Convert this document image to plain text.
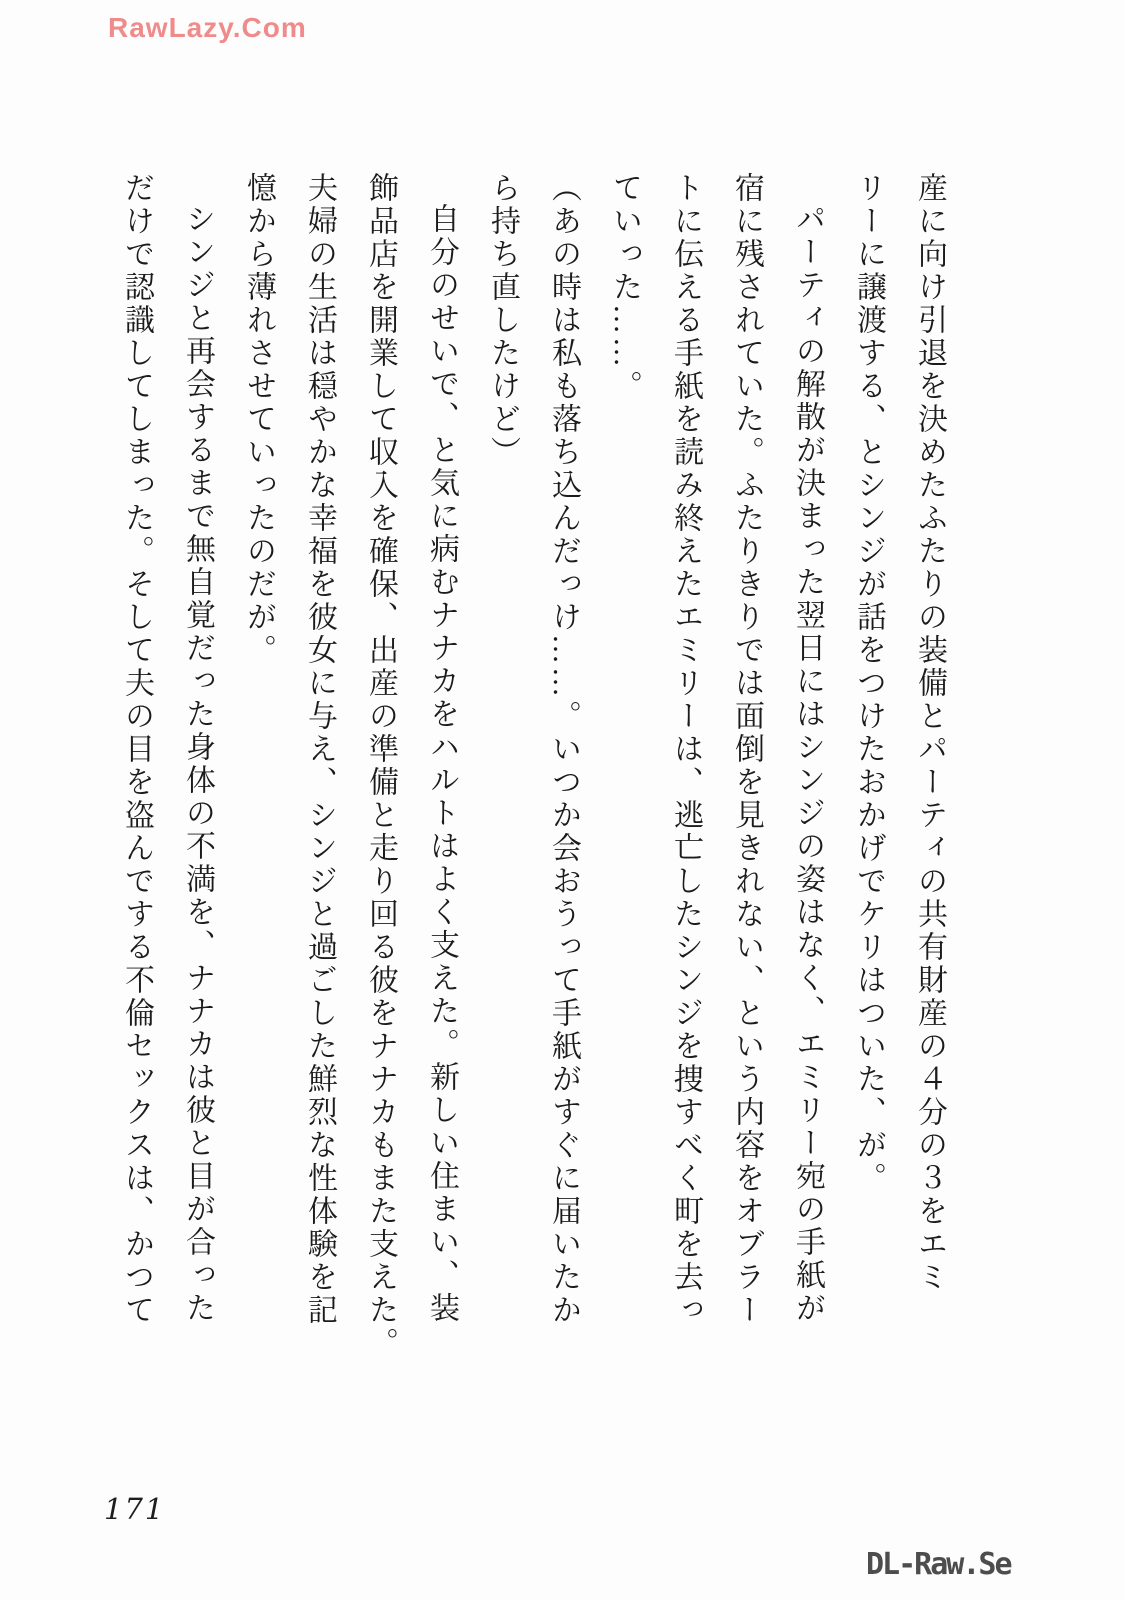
RawLazy.Com

産に向け引退を決めたふたりの装備とパーティの共有財産の４分の３をエミ

リーに譲渡する、とシンジが話をつけたおかげでケリはついた、が。

パーティの解散が決まった翌日にはシンジの姿はなく、エミリー宛の手紙が

宿に残されていた。ふたりきりでは面倒を見きれない、という内容をオブラー

トに伝える手紙を読み終えたエミリーは、逃亡したシンジを捜すべく町を去っ

ていった……。

（あの時は私も落ち込んだっけ……。いつか会おうって手紙がすぐに届いたか

ら持ち直したけど）

自分のせいで、と気に病むナナカをハルトはよく支えた。新しい住まい、装

飾品店を開業して収入を確保、出産の準備と走り回る彼をナナカもまた支えた。

夫婦の生活は穏やかな幸福を彼女に与え、シンジと過ごした鮮烈な性体験を記

憶から薄れさせていったのだが。

シンジと再会するまで無自覚だった身体の不満を、ナナカは彼と目が合った

だけで認識してしまった。そして夫の目を盗んでする不倫セックスは、かつて

171
DL-Raw.Se
